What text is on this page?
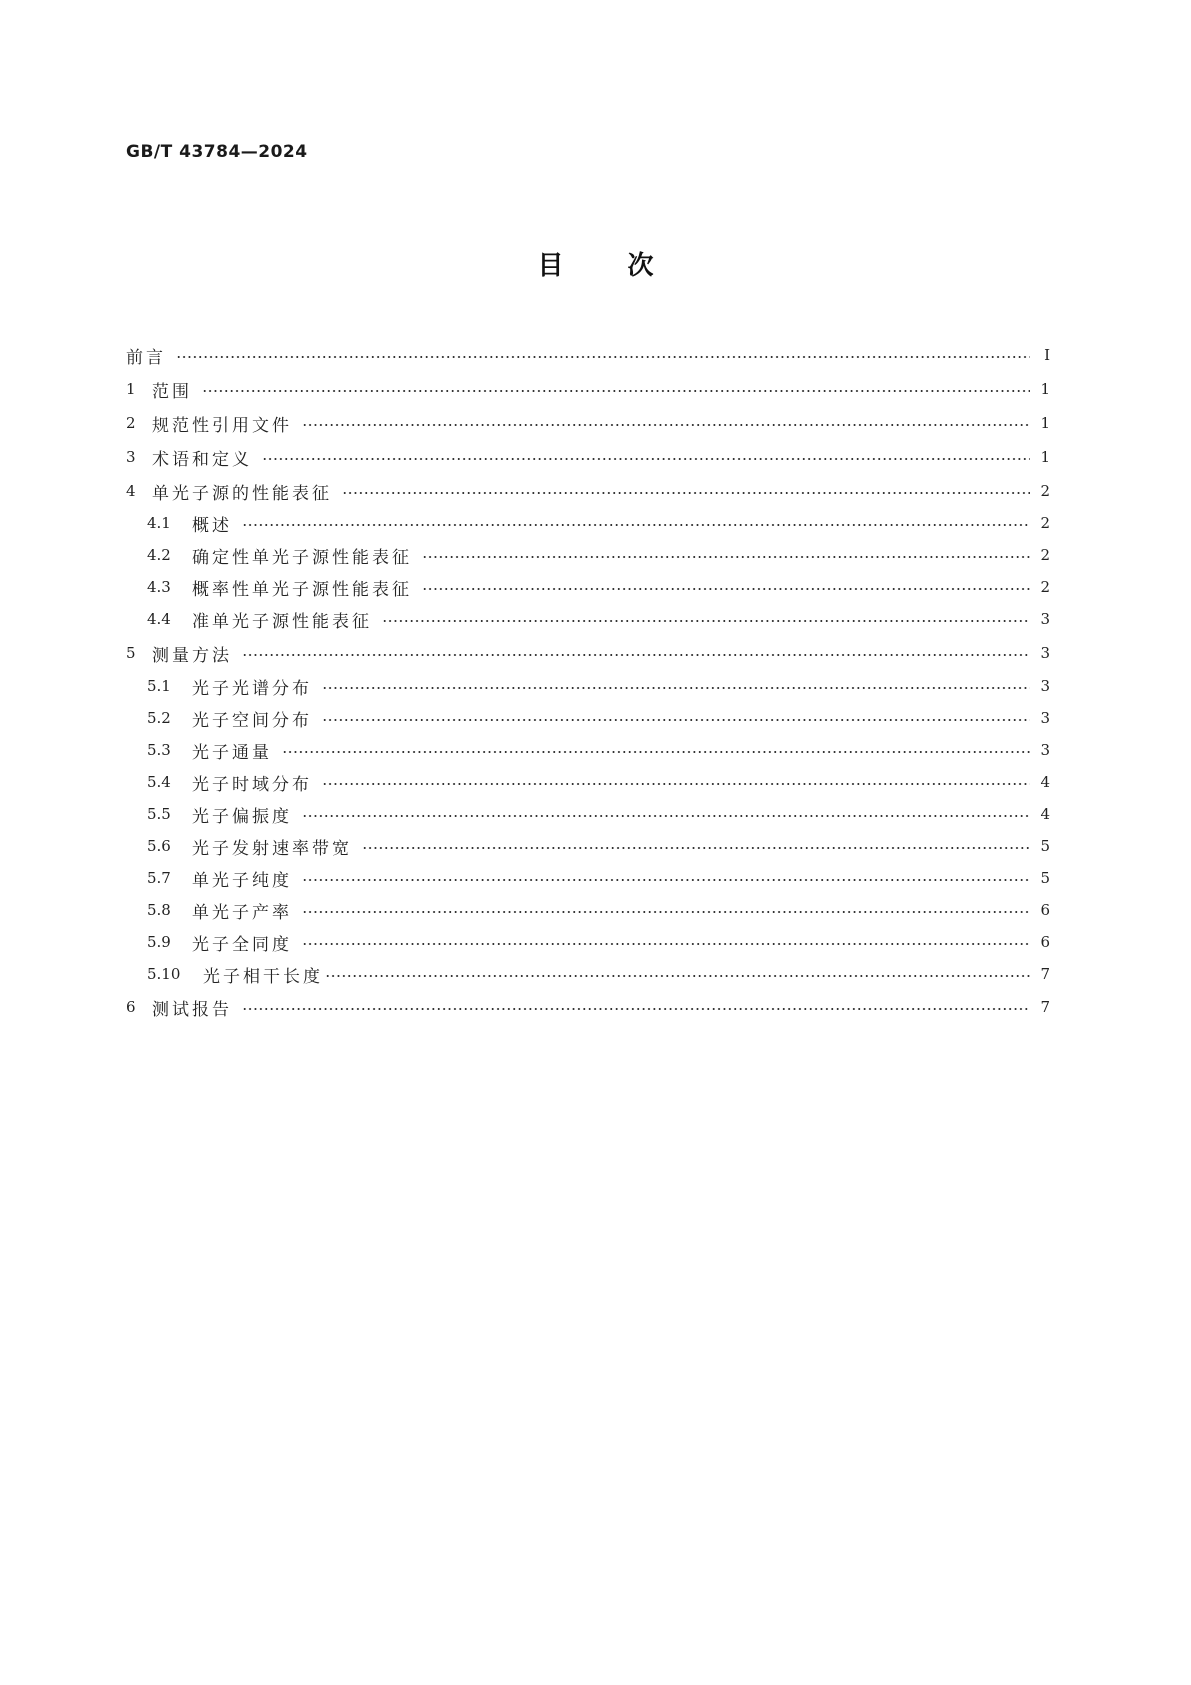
GB/T 43784—2024
目次
前言	Ⅰ
1 范围	1
2 规范性引用文件	1
3 术语和定义	1
4 单光子源的性能表征	2
4.1	概述	2
4.2	确定性单光子源性能表征	2
4.3	概率性单光子源性能表征	2
4.4	准单光子源性能表征	3
5 测量方法	3
5.1	光子光谱分布	3
5.2	光子空间分布	3
5.3	光子通量	3
5.4	光子时域分布	4
5.5	光子偏振度	4
5.6	光子发射速率带宽	5
5.7	单光子纯度	5
5.8	单光子产率	6
5.9	光子全同度	6
5.10	光子相干长度	7
6 测试报告	7
